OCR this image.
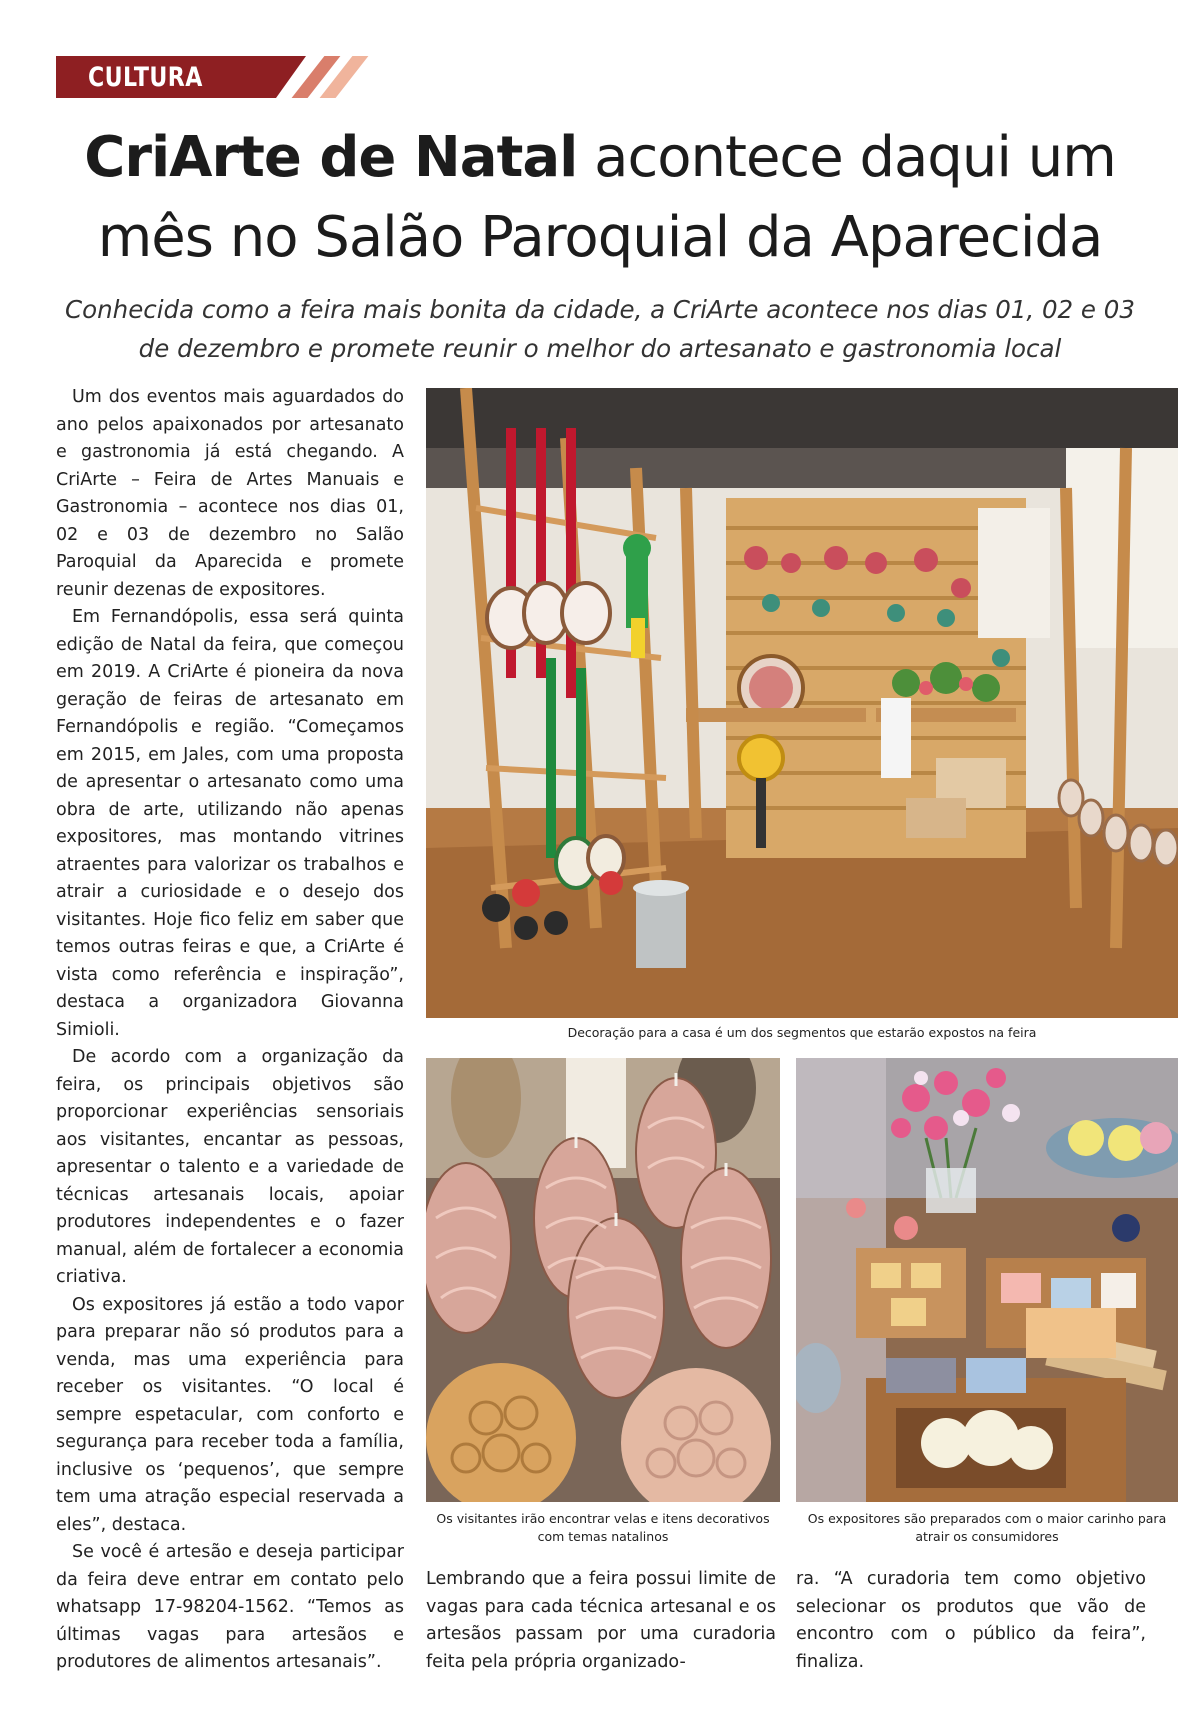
CULTURA
CriArte de Natal acontece daqui um
mês no Salão Paroquial da Aparecida

Conhecida como a feira mais bonita da cidade, a CriArte acontece nos dias 01, 02 e 03 de dezembro e promete reunir o melhor do artesanato e gastronomia local

Um dos eventos mais aguardados do ano pelos apaixonados por artesanato e gastronomia já está chegando. A CriArte – Feira de Artes Manuais e Gastronomia – acontece nos dias 01, 02 e 03 de dezembro no Salão Paroquial da Aparecida e promete reunir dezenas de expositores.

Em Fernandópolis, essa será quinta edição de Natal da feira, que começou em 2019. A CriArte é pioneira da nova geração de feiras de artesanato em Fernandópolis e região. “Começamos em 2015, em Jales, com uma proposta de apresentar o artesanato como uma obra de arte, utilizando não apenas expositores, mas montando vitrines atraentes para valorizar os trabalhos e atrair a curiosidade e o desejo dos visitantes. Hoje fico feliz em saber que temos outras feiras e que, a CriArte é vista como referência e inspiração”, destaca a organizadora Giovanna Simioli.

De acordo com a organização da feira, os principais objetivos são proporcionar experiências sensoriais aos visitantes, encantar as pessoas, apresentar o talento e a variedade de técnicas artesanais locais, apoiar produtores independentes e o fazer manual, além de fortalecer a economia criativa.

Os expositores já estão a todo vapor para preparar não só produtos para a venda, mas uma experiência para receber os visitantes. “O local é sempre espetacular, com conforto e segurança para receber toda a família, inclusive os ‘pequenos’, que sempre tem uma atração especial reservada a eles”, destaca.

Se você é artesão e deseja participar da feira deve entrar em contato pelo whatsapp 17-98204-1562. “Temos as últimas vagas para artesãos e produtores de alimentos artesanais”.

Decoração para a casa é um dos segmentos que estarão expostos na feira

Os visitantes irão encontrar velas e itens decorativos com temas natalinos

Os expositores são preparados com o maior carinho para atrair os consumidores

Lembrando que a feira possui limite de vagas para cada técnica artesanal e os artesãos passam por uma curadoria feita pela própria organizado-

ra. “A curadoria tem como objetivo selecionar os produtos que vão de encontro com o público da feira”, finaliza.
